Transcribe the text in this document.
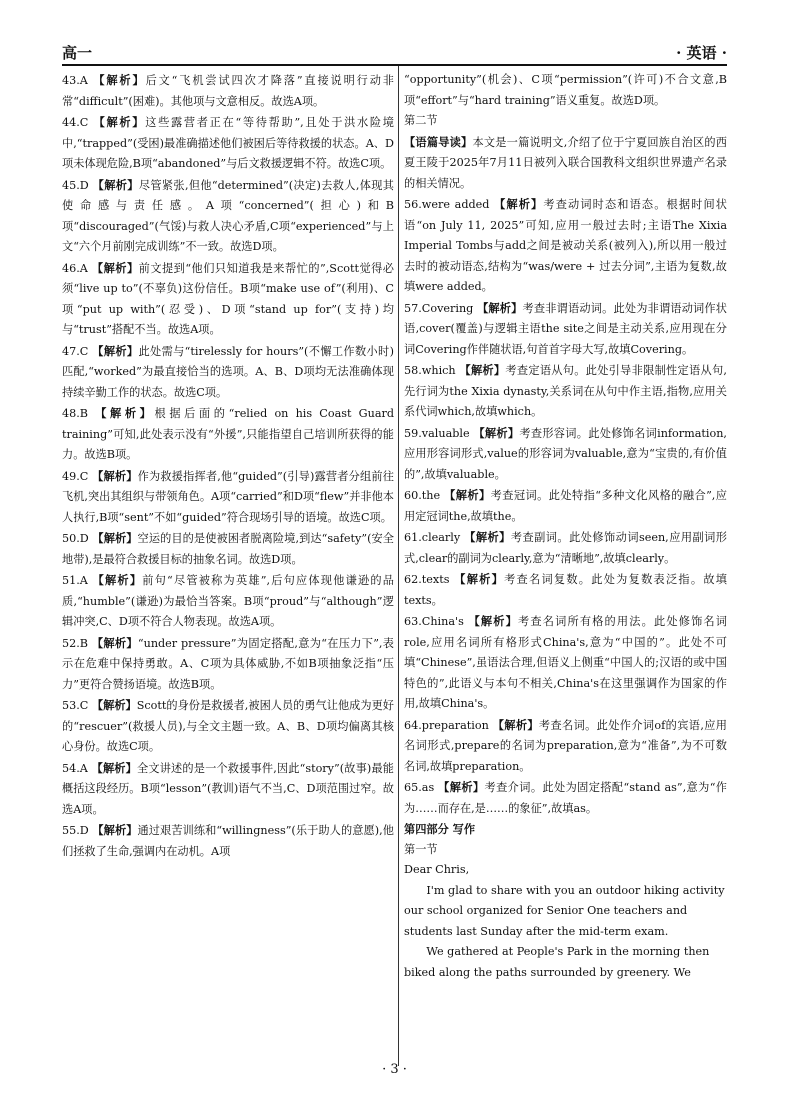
高一	· 英语 ·
43.A 【解析】后文“飞机尝试四次才降落”直接说明行动非常“difficult”(困难)。其他项与文意相反。故选A项。
44.C 【解析】这些露营者正在“等待帮助”,且处于洪水险境中,“trapped”(受困)最准确描述他们被困后等待救援的状态。A、D项未体现危险,B项“abandoned”与后文救援逻辑不符。故选C项。
45.D 【解析】尽管紧张,但他“determined”(决定)去救人,体现其使命感与责任感。A项“concerned”(担心)和B项“discouraged”(气馁)与救人决心矛盾,C项“experienced”与上文“六个月前刚完成训练”不一致。故选D项。
46.A 【解析】前文提到“他们只知道我是来帮忙的”,Scott觉得必须“live up to”(不辜负)这份信任。B项“make use of”(利用)、C项“put up with”(忍受)、D项“stand up for”(支持)均与“trust”搭配不当。故选A项。
47.C 【解析】此处需与“tirelessly for hours”(不懈工作数小时)匹配,“worked”为最直接恰当的选项。A、B、D项均无法准确体现持续辛勤工作的状态。故选C项。
48.B 【解析】根据后面的“relied on his Coast Guard training”可知,此处表示没有“外援”,只能指望自己培训所获得的能力。故选B项。
49.C 【解析】作为救援指挥者,他“guided”(引导)露营者分组前往飞机,突出其组织与带领角色。A项“carried”和D项“flew”并非他本人执行,B项“sent”不如“guided”符合现场引导的语境。故选C项。
50.D 【解析】空运的目的是使被困者脱离险境,到达“safety”(安全地带),是最符合救援目标的抽象名词。故选D项。
51.A 【解析】前句“尽管被称为英雄”,后句应体现他谦逊的品质,“humble”(谦逊)为最恰当答案。B项“proud”与“although”逻辑冲突,C、D项不符合人物表现。故选A项。
52.B 【解析】“under pressure”为固定搭配,意为“在压力下”,表示在危难中保持勇敢。A、C项为具体威胁,不如B项抽象泛指“压力”更符合赞扬语境。故选B项。
53.C 【解析】Scott的身份是救援者,被困人员的勇气让他成为更好的“rescuer”(救援人员),与全文主题一致。A、B、D项均偏离其核心身份。故选C项。
54.A 【解析】全文讲述的是一个救援事件,因此“story”(故事)最能概括这段经历。B项“lesson”(教训)语气不当,C、D项范围过窄。故选A项。
55.D 【解析】通过艰苦训练和“willingness”(乐于助人的意愿),他们拯救了生命,强调内在动机。A项
“opportunity”(机会)、C项“permission”(许可)不合文意,B项“effort”与“hard training”语义重复。故选D项。
第二节
【语篇导读】本文是一篇说明文,介绍了位于宁夏回族自治区的西夏王陵于2025年7月11日被列入联合国教科文组织世界遗产名录的相关情况。
56.were added 【解析】考查动词时态和语态。根据时间状语“on July 11, 2025”可知,应用一般过去时;主语The Xixia Imperial Tombs与add之间是被动关系(被列入),所以用一般过去时的被动语态,结构为“was/were + 过去分词”,主语为复数,故填were added。
57.Covering 【解析】考查非谓语动词。此处为非谓语动词作状语,cover(覆盖)与逻辑主语the site之间是主动关系,应用现在分词Covering作伴随状语,句首首字母大写,故填Covering。
58.which 【解析】考查定语从句。此处引导非限制性定语从句,先行词为the Xixia dynasty,关系词在从句中作主语,指物,应用关系代词which,故填which。
59.valuable 【解析】考查形容词。此处修饰名词information,应用形容词形式,value的形容词为valuable,意为“宝贵的,有价值的”,故填valuable。
60.the 【解析】考查冠词。此处特指“多种文化风格的融合”,应用定冠词the,故填the。
61.clearly 【解析】考查副词。此处修饰动词seen,应用副词形式,clear的副词为clearly,意为“清晰地”,故填clearly。
62.texts 【解析】考查名词复数。此处为复数表泛指。故填texts。
63.China's 【解析】考查名词所有格的用法。此处修饰名词role,应用名词所有格形式China's,意为“中国的”。此处不可填“Chinese”,虽语法合理,但语义上侧重“中国人的;汉语的或中国特色的”,此语义与本句不相关,China's在这里强调作为国家的作用,故填China's。
64.preparation 【解析】考查名词。此处作介词of的宾语,应用名词形式,prepare的名词为preparation,意为“准备”,为不可数名词,故填preparation。
65.as 【解析】考查介词。此处为固定搭配“stand as”,意为“作为……而存在,是……的象征”,故填as。
第四部分 写作
第一节
Dear Chris,
I'm glad to share with you an outdoor hiking activity our school organized for Senior One teachers and students last Sunday after the mid-term exam.
We gathered at People's Park in the morning then biked along the paths surrounded by greenery. We
· 3 ·
